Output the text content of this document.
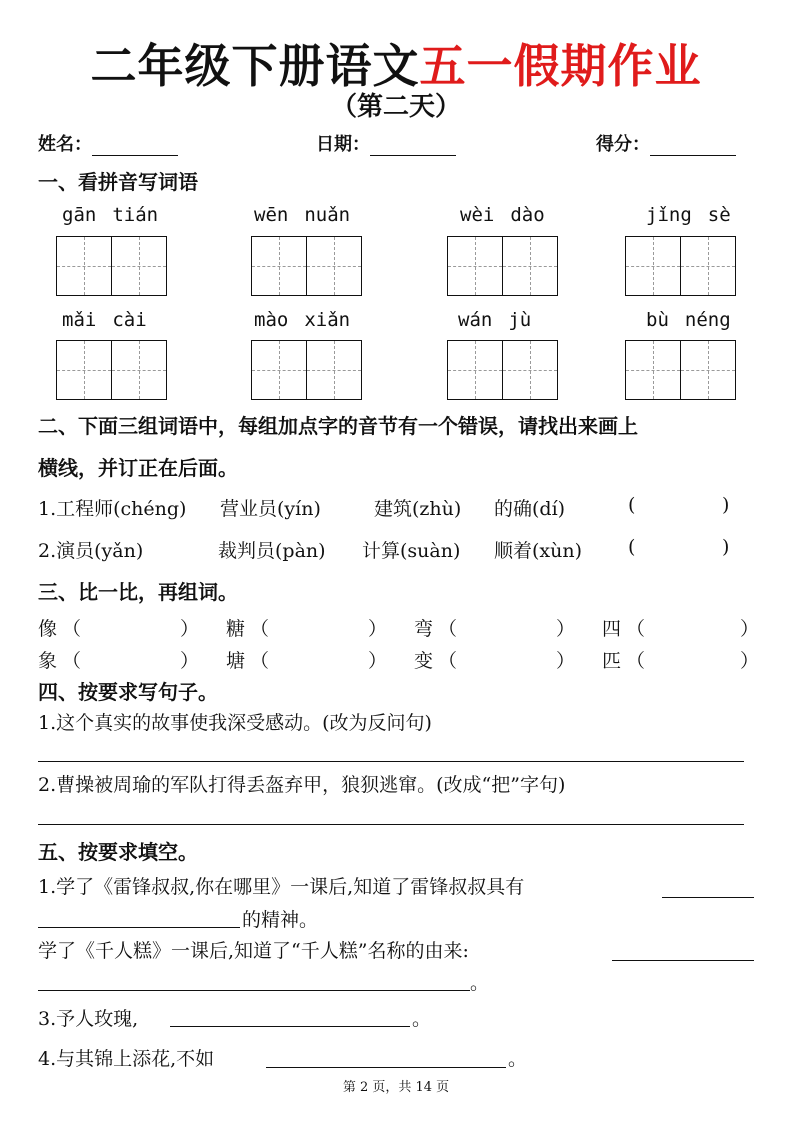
二年级下册语文五一假期作业
（第二天）
姓名：	日期：	得分：
一、看拼音写词语
gān tián	wēn nuǎn	wèi dào	jǐng sè
mǎi cài	mào xiǎn	wán jù	bù néng
二、下面三组词语中，每组加点字的音节有一个错误，请找出来画上
横线，并订正在后面。
1.工程师(chéng) 营业员(yín)	建筑(zhù) 的确(dí)	(	)
2.演员(yǎn)	裁判员(pàn) 计算(suàn) 顺着(xùn) (	)
三、比一比，再组词。
像 （	） 糖 （	） 弯 （	） 四 （	）
象 （	） 塘 （	） 变 （	） 匹 （	）
四、按要求写句子。
1.这个真实的故事使我深受感动。(改为反问句)
2.曹操被周瑜的军队打得丢盔弃甲，狼狈逃窜。(改成“把”字句)
五、按要求填空。
1.学了《雷锋叔叔,你在哪里》一课后,知道了雷锋叔叔具有
的精神。
学了《千人糕》一课后,知道了“千人糕”名称的由来:
。
3.予人玫瑰,	。
4.与其锦上添花,不如	。
第 2 页，共 14 页
